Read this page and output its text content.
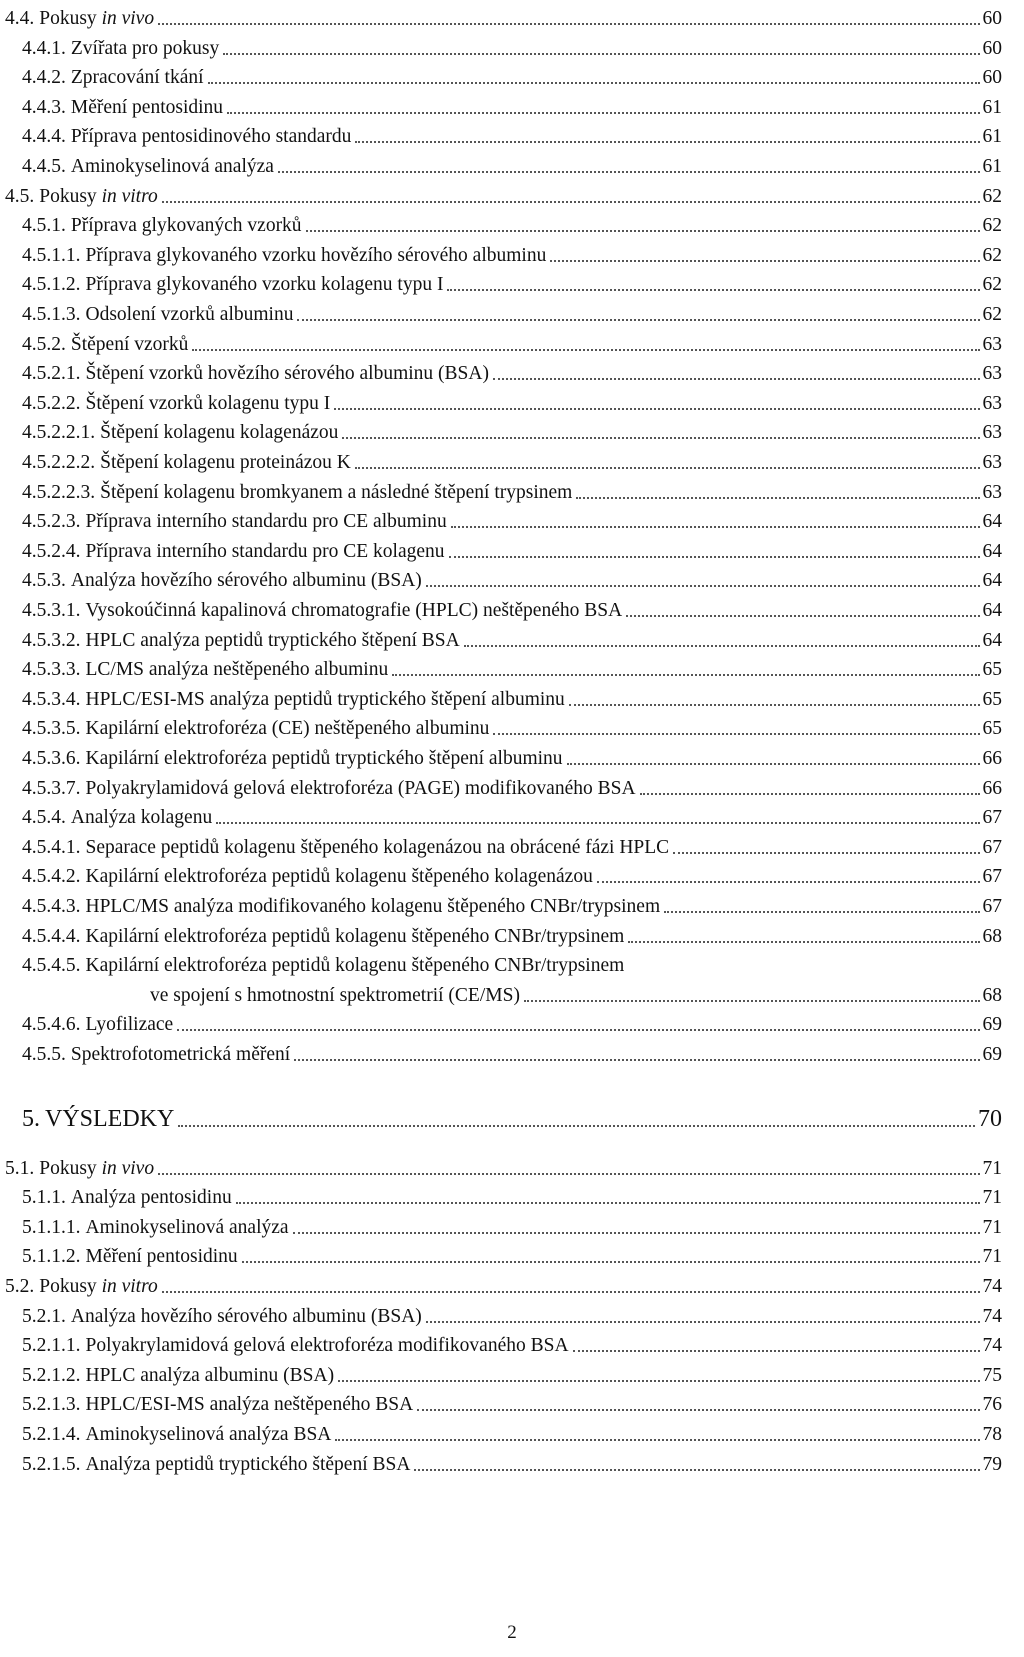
4.4. Pokusy in vivo	60
4.4.1. Zvířata pro pokusy	60
4.4.2. Zpracování tkání	60
4.4.3. Měření pentosidinu	61
4.4.4. Příprava pentosidinového standardu	61
4.4.5. Aminokyselinová analýza	61
4.5. Pokusy in vitro	62
4.5.1. Příprava glykovaných vzorků	62
4.5.1.1. Příprava glykovaného vzorku hovězího sérového albuminu	62
4.5.1.2. Příprava glykovaného vzorku kolagenu typu I	62
4.5.1.3. Odsolení vzorků albuminu	62
4.5.2. Štěpení vzorků	63
4.5.2.1. Štěpení vzorků hovězího sérového albuminu (BSA)	63
4.5.2.2. Štěpení vzorků kolagenu typu I	63
4.5.2.2.1. Štěpení kolagenu kolagenázou	63
4.5.2.2.2. Štěpení kolagenu proteinázou K	63
4.5.2.2.3. Štěpení kolagenu bromkyanem a následné štěpení trypsinem	63
4.5.2.3. Příprava interního standardu pro CE albuminu	64
4.5.2.4. Příprava interního standardu pro CE kolagenu	64
4.5.3. Analýza hovězího sérového albuminu (BSA)	64
4.5.3.1. Vysokoúčinná kapalinová chromatografie (HPLC) neštěpeného BSA	64
4.5.3.2. HPLC analýza peptidů tryptického štěpení BSA	64
4.5.3.3. LC/MS analýza neštěpeného albuminu	65
4.5.3.4. HPLC/ESI-MS analýza peptidů tryptického štěpení albuminu	65
4.5.3.5. Kapilární elektroforéza (CE) neštěpeného albuminu	65
4.5.3.6. Kapilární elektroforéza peptidů tryptického štěpení albuminu	66
4.5.3.7. Polyakrylamidová gelová elektroforéza (PAGE) modifikovaného BSA	66
4.5.4. Analýza kolagenu	67
4.5.4.1. Separace peptidů kolagenu štěpeného kolagenázou na obrácené fázi HPLC	67
4.5.4.2. Kapilární elektroforéza peptidů kolagenu štěpeného kolagenázou	67
4.5.4.3. HPLC/MS analýza modifikovaného kolagenu štěpeného CNBr/trypsinem	67
4.5.4.4. Kapilární elektroforéza peptidů kolagenu štěpeného CNBr/trypsinem	68
4.5.4.5. Kapilární elektroforéza peptidů kolagenu štěpeného CNBr/trypsinem
ve spojení s hmotnostní spektrometrií (CE/MS)	68
4.5.4.6. Lyofilizace	69
4.5.5. Spektrofotometrická měření	69
5. VÝSLEDKY	70
5.1. Pokusy in vivo	71
5.1.1. Analýza pentosidinu	71
5.1.1.1. Aminokyselinová analýza	71
5.1.1.2. Měření pentosidinu	71
5.2. Pokusy in vitro	74
5.2.1. Analýza hovězího sérového albuminu (BSA)	74
5.2.1.1. Polyakrylamidová gelová elektroforéza modifikovaného BSA	74
5.2.1.2. HPLC analýza albuminu (BSA)	75
5.2.1.3. HPLC/ESI-MS analýza neštěpeného BSA	76
5.2.1.4. Aminokyselinová analýza BSA	78
5.2.1.5. Analýza peptidů tryptického štěpení BSA	79
2
